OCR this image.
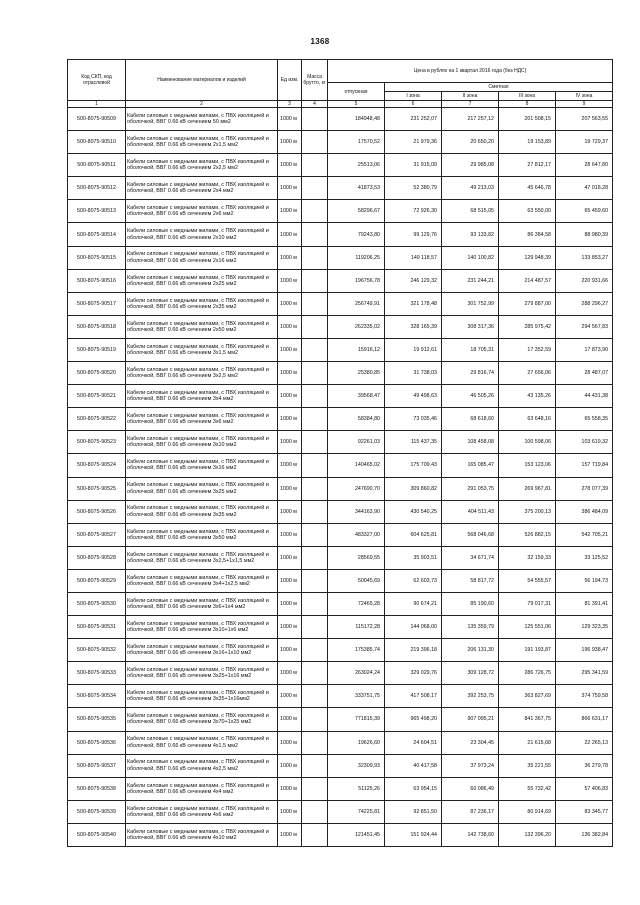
1368
Код СКП, код отраслевой	Наименование материалов и изделий	Ед изм.	Масса брутто, кг	Цена в рублях на 1 квартал 2016 года (без НДС)				
				отпускная	Сметная			
					I зона	II зона	III зона	IV зона
1	2	3	4	5	6	7	8	9
500-8075-90509	Кабели силовые с медными жилами, с ПВХ изоляцией и оболочкой, ВВГ 0.66 кВ сечением 50 мм2	1000 м		184948,48	231 252,07	217 257,12	201 508,15	207 563,55
500-8075-90510	Кабели силовые с медными жилами, с ПВХ изоляцией и оболочкой, ВВГ 0.66 кВ сечением 2х1,5 мм2	1000 м		17570,52	21 979,36	20 650,20	19 153,89	19 729,37
500-8075-90511	Кабели силовые с медными жилами, с ПВХ изоляцией и оболочкой, ВВГ 0.66 кВ сечением 2х2,5 мм2	1000 м		25513,06	31 915,09	29 985,08	27 812,17	28 647,80
500-8075-90512	Кабели силовые с медными жилами, с ПВХ изоляцией и оболочкой, ВВГ 0.66 кВ сечением 2х4 мм2	1000 м		41873,53	52 380,79	49 213,03	45 646,78	47 018,28
500-8075-90513	Кабели силовые с медными жилами, с ПВХ изоляцией и оболочкой, ВВГ 0.66 кВ сечением 2х6 мм2	1000 м		58296,67	72 926,30	68 515,05	63 550,00	65 459,60
500-8075-90514	Кабели силовые с медными жилами, с ПВХ изоляцией и оболочкой, ВВГ 0.66 кВ сечением 2х10 мм2	1000 м		79243,80	99 129,76	93 133,82	86 384,58	88 980,39
500-8075-90515	Кабели силовые с медными жилами, с ПВХ изоляцией и оболочкой, ВВГ 0.66 кВ сечением 2х16 мм2	1000 м		119206,25	149 118,57	140 100,82	129 948,39	133 853,27
500-8075-90516	Кабели силовые с медными жилами, с ПВХ изоляцией и оболочкой, ВВГ 0.66 кВ сечением 2х25 мм2	1000 м		196756,78	246 129,32	231 244,21	214 487,57	220 931,66
500-8075-90517	Кабели силовые с медными жилами, с ПВХ изоляцией и оболочкой, ВВГ 0.66 кВ сечением 2х35 мм2	1000 м		256749,91	321 178,48	301 752,99	279 887,00	288 296,27
500-8075-90518	Кабели силовые с медными жилами, с ПВХ изоляцией и оболочкой, ВВГ 0.66 кВ сечением 2х50 мм2	1000 м		262335,02	328 165,39	308 317,36	285 975,42	294 567,83
500-8075-90519	Кабели силовые с медными жилами, с ПВХ изоляцией и оболочкой, ВВГ 0.66 кВ сечением 3х1,5 мм2	1000 м		15916,12	19 912,61	18 705,31	17 352,59	17 873,90
500-8075-90520	Кабели силовые с медными жилами, с ПВХ изоляцией и оболочкой, ВВГ 0.66 кВ сечением 3х2,5 мм2	1000 м		25380,85	31 738,03	29 816,74	27 656,06	28 487,07
500-8075-90521	Кабели силовые с медными жилами, с ПВХ изоляцией и оболочкой, ВВГ 0.66 кВ сечением 3х4 мм2	1000 м		39568,47	49 498,63	46 505,26	43 135,26	44 431,38
500-8075-90522	Кабели силовые с медными жилами, с ПВХ изоляцией и оболочкой, ВВГ 0.66 кВ сечением 3х6 мм2	1000 м		58384,80	73 035,46	68 618,60	63 648,16	65 558,35
500-8075-90523	Кабели силовые с медными жилами, с ПВХ изоляцией и оболочкой, ВВГ 0.66 кВ сечением 3х10 мм2	1000 м		92261,03	115 437,35	108 458,08	100 598,06	103 619,32
500-8075-90524	Кабели силовые с медными жилами, с ПВХ изоляцией и оболочкой, ВВГ 0.66 кВ сечением 3х16 мм2	1000 м		140465,02	175 709,43	165 085,47	153 123,06	157 719,84
500-8075-90525	Кабели силовые с медными жилами, с ПВХ изоляцией и оболочкой, ВВГ 0.66 кВ сечением 3х25 мм2	1000 м		247690,70	309 860,82	291 053,75	269 967,81	278 077,39
500-8075-90526	Кабели силовые с медными жилами, с ПВХ изоляцией и оболочкой, ВВГ 0.66 кВ сечением 3х35 мм2	1000 м		344163,90	430 540,25	404 511,43	375 200,13	386 484,09
500-8075-90527	Кабели силовые с медными жилами, с ПВХ изоляцией и оболочкой, ВВГ 0.66 кВ сечением 3х50 мм2	1000 м		483327,00	604 625,81	568 046,68	526 882,15	542 705,21
500-8075-90528	Кабели силовые с медными жилами, с ПВХ изоляцией и оболочкой, ВВГ 0.66 кВ сечением 3х2,5+1х1,5 мм2	1000 м		28569,55	35 903,51	34 671,74	32 159,33	33 125,52
500-8075-90529	Кабели силовые с медными жилами, с ПВХ изоляцией и оболочкой, ВВГ 0.66 кВ сечением 3х4+1х2,5 мм2	1000 м		50045,69	62 603,73	58 817,72	54 555,57	56 194,73
500-8075-90530	Кабели силовые с медными жилами, с ПВХ изоляцией и оболочкой, ВВГ 0.66 кВ сечением 3х6+1х4 мм2	1000 м		72465,28	90 674,21	85 190,60	79 017,31	81 391,41
500-8075-90531	Кабели силовые с медными жилами, с ПВХ изоляцией и оболочкой, ВВГ 0.66 кВ сечением 3х10+1х6 мм2	1000 м		115172,28	144 068,00	135 359,79	125 551,06	129 323,35
500-8075-90532	Кабели силовые с медными жилами, с ПВХ изоляцией и оболочкой, ВВГ 0.66 кВ сечением 3х16+1х10 мм2	1000 м		175385,74	219 396,18	206 131,30	191 193,87	196 938,47
500-8075-90533	Кабели силовые с медными жилами, с ПВХ изоляцией и оболочкой, ВВГ 0.66 кВ сечением 3х25+1х16 мм2	1000 м		263024,24	329 029,76	309 128,72	286 726,75	295 341,59
500-8075-90534	Кабели силовые с медными жилами, с ПВХ изоляцией и оболочкой, ВВГ 0.66 кВ сечением 3х35+1х16мм2	1000 м		333751,75	417 508,17	392 253,75	363 827,69	374 759,58
500-8075-90535	Кабели силовые с медными жилами, с ПВХ изоляцией и оболочкой, ВВГ 0.66 кВ сечением 3х70+1х25 мм2	1000 м		771815,39	965 498,20	907 095,21	841 367,75	866 631,17
500-8075-90536	Кабели силовые с медными жилами, с ПВХ изоляцией и оболочкой, ВВГ 0.66 кВ сечением 4х1,5 мм2	1000 м		19626,60	24 604,51	23 304,45	21 615,68	22 265,13
500-8075-90537	Кабели силовые с медными жилами, с ПВХ изоляцией и оболочкой, ВВГ 0.66 кВ сечением 4х2,5 мм2	1000 м		32309,93	40 417,58	37 973,24	35 221,55	36 279,78
500-8075-90538	Кабели силовые с медными жилами, с ПВХ изоляцией и оболочкой, ВВГ 0.66 кВ сечением 4х4 мм2	1000 м		51125,26	63 954,15	60 086,49	55 732,42	57 406,83
500-8075-90539	Кабели силовые с медными жилами, с ПВХ изоляцией и оболочкой, ВВГ 0.66 кВ сечением 4х6 мм2	1000 м		74225,81	92 851,50	87 236,17	80 914,69	83 345,77
500-8075-90540	Кабели силовые с медными жилами, с ПВХ изоляцией и оболочкой, ВВГ 0.66 кВ сечением 4х10 мм2	1000 м		121451,45	151 924,44	142 738,60	132 396,20	136 382,84
